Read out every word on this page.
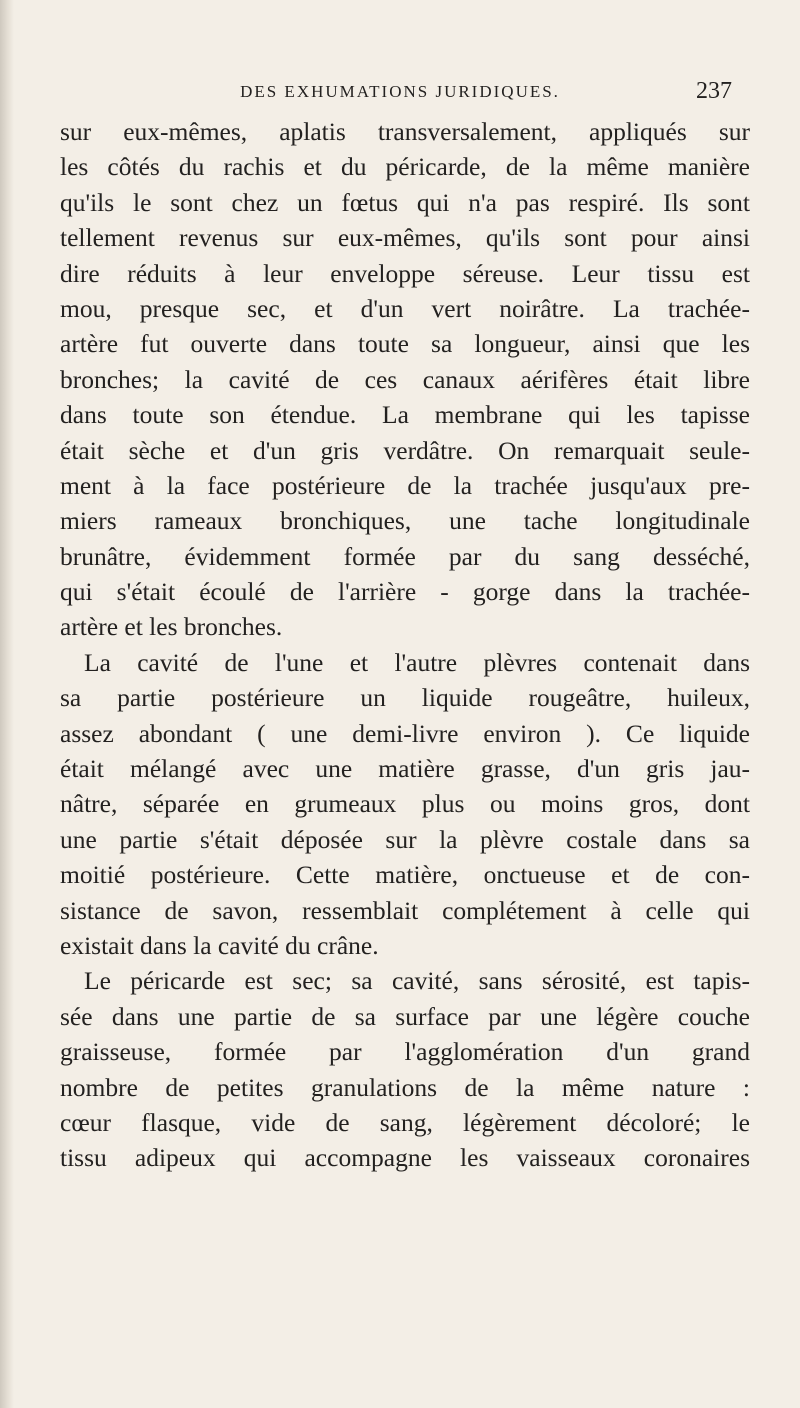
DES EXHUMATIONS JURIDIQUES.	237
sur eux-mêmes, aplatis transversalement, appliqués sur
les côtés du rachis et du péricarde, de la même manière
qu'ils le sont chez un fœtus qui n'a pas respiré. Ils sont
tellement revenus sur eux-mêmes, qu'ils sont pour ainsi
dire réduits à leur enveloppe séreuse. Leur tissu est
mou, presque sec, et d'un vert noirâtre. La trachée-
artère fut ouverte dans toute sa longueur, ainsi que les
bronches; la cavité de ces canaux aérifères était libre
dans toute son étendue. La membrane qui les tapisse
était sèche et d'un gris verdâtre. On remarquait seule-
ment à la face postérieure de la trachée jusqu'aux pre-
miers rameaux bronchiques, une tache longitudinale
brunâtre, évidemment formée par du sang desséché,
qui s'était écoulé de l'arrière - gorge dans la trachée-
artère et les bronches.
La cavité de l'une et l'autre plèvres contenait dans
sa partie postérieure un liquide rougeâtre, huileux,
assez abondant ( une demi-livre environ ). Ce liquide
était mélangé avec une matière grasse, d'un gris jau-
nâtre, séparée en grumeaux plus ou moins gros, dont
une partie s'était déposée sur la plèvre costale dans sa
moitié postérieure. Cette matière, onctueuse et de con-
sistance de savon, ressemblait complétement à celle qui
existait dans la cavité du crâne.
Le péricarde est sec; sa cavité, sans sérosité, est tapis-
sée dans une partie de sa surface par une légère couche
graisseuse, formée par l'agglomération d'un grand
nombre de petites granulations de la même nature :
cœur flasque, vide de sang, légèrement décoloré; le
tissu adipeux qui accompagne les vaisseaux coronaires
